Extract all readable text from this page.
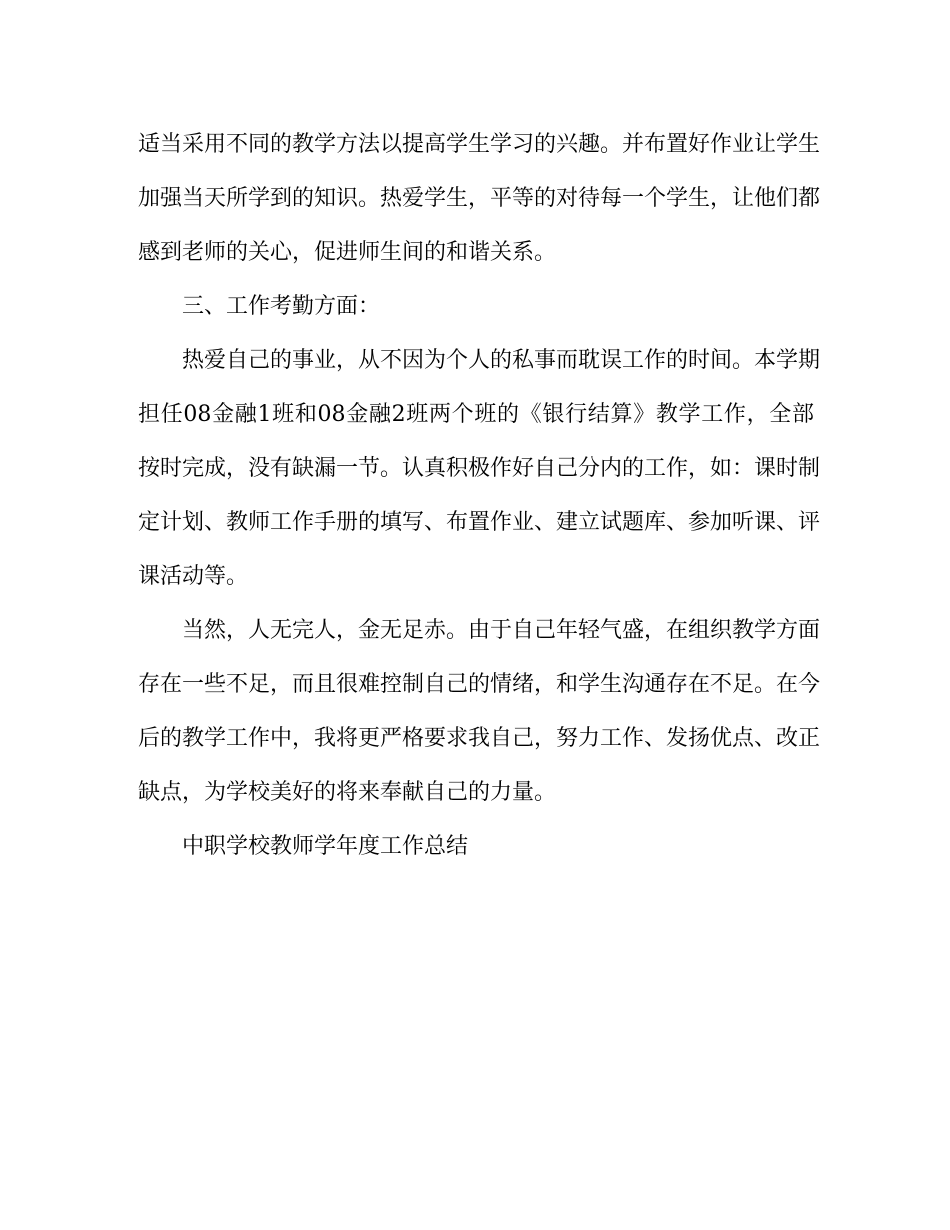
适当采用不同的教学方法以提高学生学习的兴趣。并布置好作业让学生
加强当天所学到的知识。热爱学生，平等的对待每一个学生，让他们都
感到老师的关心，促进师生间的和谐关系。
三、工作考勤方面：
热爱自己的事业，从不因为个人的私事而耽误工作的时间。本学期
担任08金融1班和08金融2班两个班的《银行结算》教学工作，全部
按时完成，没有缺漏一节。认真积极作好自己分内的工作，如：课时制
定计划、教师工作手册的填写、布置作业、建立试题库、参加听课、评
课活动等。
当然，人无完人，金无足赤。由于自己年轻气盛，在组织教学方面
存在一些不足，而且很难控制自己的情绪，和学生沟通存在不足。在今
后的教学工作中，我将更严格要求我自己，努力工作、发扬优点、改正
缺点，为学校美好的将来奉献自己的力量。
中职学校教师学年度工作总结
